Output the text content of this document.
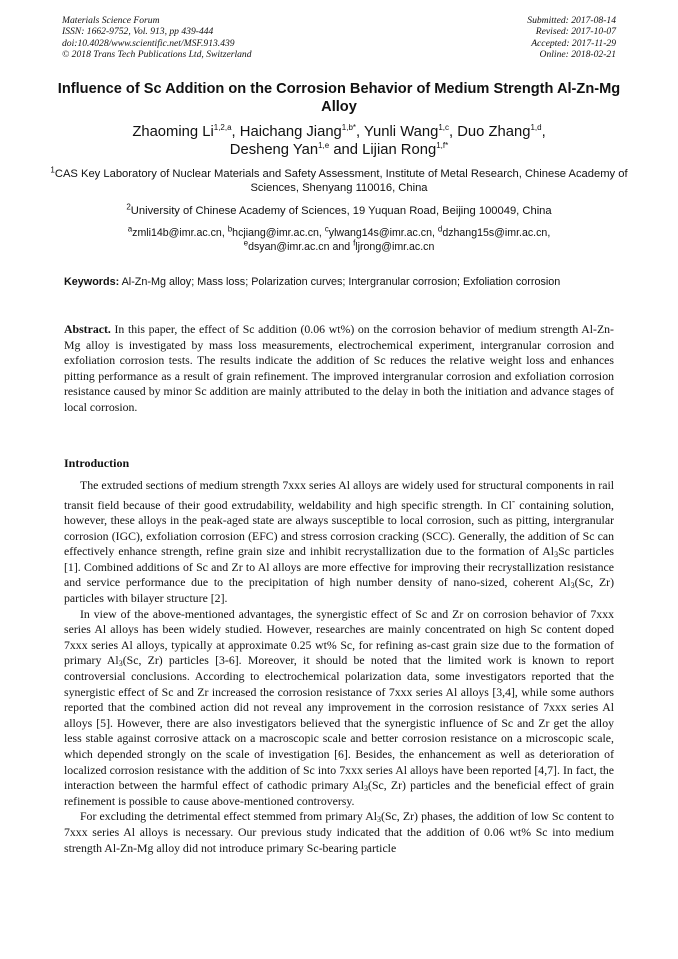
Materials Science Forum
ISSN: 1662-9752, Vol. 913, pp 439-444
doi:10.4028/www.scientific.net/MSF.913.439
© 2018 Trans Tech Publications Ltd, Switzerland
Submitted: 2017-08-14
Revised: 2017-10-07
Accepted: 2017-11-29
Online: 2018-02-21
Influence of Sc Addition on the Corrosion Behavior of Medium Strength Al-Zn-Mg Alloy
Zhaoming Li$^{1,2,a}$, Haichang Jiang$^{1,b*}$, Yunli Wang$^{1,c}$, Duo Zhang$^{1,d}$,
Desheng Yan$^{1,e}$ and Lijian Rong$^{1,f*}$
$^1$CAS Key Laboratory of Nuclear Materials and Safety Assessment, Institute of Metal Research, Chinese Academy of Sciences, Shenyang 110016, China
$^2$University of Chinese Academy of Sciences, 19 Yuquan Road, Beijing 100049, China
$^a$zmli14b@imr.ac.cn, $^b$hcjiang@imr.ac.cn, $^c$ylwang14s@imr.ac.cn, $^d$dzhang15s@imr.ac.cn,
$^e$dsyan@imr.ac.cn and $^f$ljrong@imr.ac.cn
Keywords: Al-Zn-Mg alloy; Mass loss; Polarization curves; Intergranular corrosion; Exfoliation corrosion
Abstract. In this paper, the effect of Sc addition (0.06 wt%) on the corrosion behavior of medium strength Al-Zn-Mg alloy is investigated by mass loss measurements, electrochemical experiment, intergranular corrosion and exfoliation corrosion tests. The results indicate the addition of Sc reduces the relative weight loss and enhances pitting performance as a result of grain refinement. The improved intergranular corrosion and exfoliation corrosion resistance caused by minor Sc addition are mainly attributed to the delay in both the initiation and advance stages of local corrosion.
Introduction

The extruded sections of medium strength 7xxx series Al alloys are widely used for structural components in rail transit field because of their good extrudability, weldability and high specific strength. In Cl- containing solution, however, these alloys in the peak-aged state are always susceptible to local corrosion, such as pitting, intergranular corrosion (IGC), exfoliation corrosion (EFC) and stress corrosion cracking (SCC). Generally, the addition of Sc can effectively enhance strength, refine grain size and inhibit recrystallization due to the formation of $Al_3Sc$ particles [1]. Combined additions of Sc and Zr to Al alloys are more effective for improving their recrystallization resistance and service performance due to the precipitation of high number density of nano-sized, coherent $Al_3(Sc$, Zr) particles with bilayer structure [2].

In view of the above-mentioned advantages, the synergistic effect of Sc and Zr on corrosion behavior of 7xxx series Al alloys has been widely studied. However, researches are mainly concentrated on high Sc content doped 7xxx series Al alloys, typically at approximate 0.25 wt% Sc, for refining as-cast grain size due to the formation of primary $Al_3(Sc$, Zr) particles [3-6]. Moreover, it should be noted that the limited work is known to report controversial conclusions. According to electrochemical polarization data, some investigators reported that the synergistic effect of Sc and Zr increased the corrosion resistance of 7xxx series Al alloys [3,4], while some authors reported that the combined action did not reveal any improvement in the corrosion resistance of 7xxx series Al alloys [5]. However, there are also investigators believed that the synergistic influence of Sc and Zr get the alloy less stable against corrosive attack on a macroscopic scale and better corrosion resistance on a microscopic scale, which depended strongly on the scale of investigation [6]. Besides, the enhancement as well as deterioration of localized corrosion resistance with the addition of Sc into 7xxx series Al alloys have been reported [4,7]. In fact, the interaction between the harmful effect of cathodic primary $Al_3(Sc$, Zr) particles and the beneficial effect of grain refinement is possible to cause above-mentioned controversy.

For excluding the detrimental effect stemmed from primary $Al_3(Sc$, Zr) phases, the addition of low Sc content to 7xxx series Al alloys is necessary. Our previous study indicated that the addition of 0.06 wt% Sc into medium strength Al-Zn-Mg alloy did not introduce primary Sc-bearing particle
